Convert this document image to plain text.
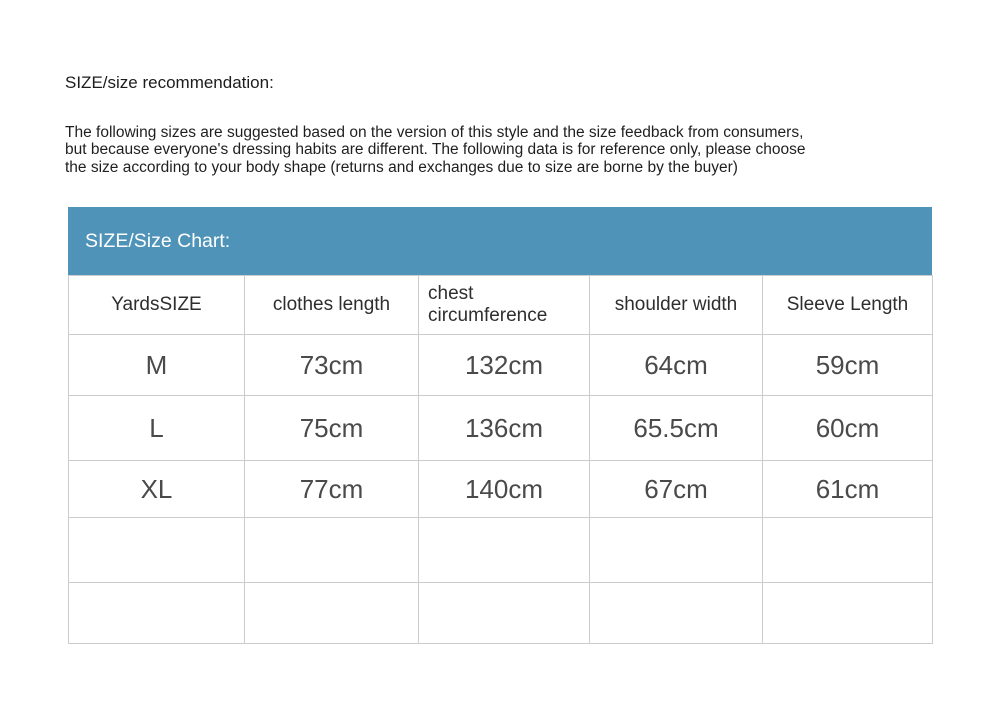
SIZE/size recommendation:
The following sizes are suggested based on the version of this style and the size feedback from consumers,
but because everyone's dressing habits are different. The following data is for reference only, please choose
the size according to your body shape (returns and exchanges due to size are borne by the buyer)
SIZE/Size Chart:
YardsSIZE	clothes length	chest circumference	shoulder width	Sleeve Length
M	73cm	132cm	64cm	59cm
L	75cm	136cm	65.5cm	60cm
XL	77cm	140cm	67cm	61cm
